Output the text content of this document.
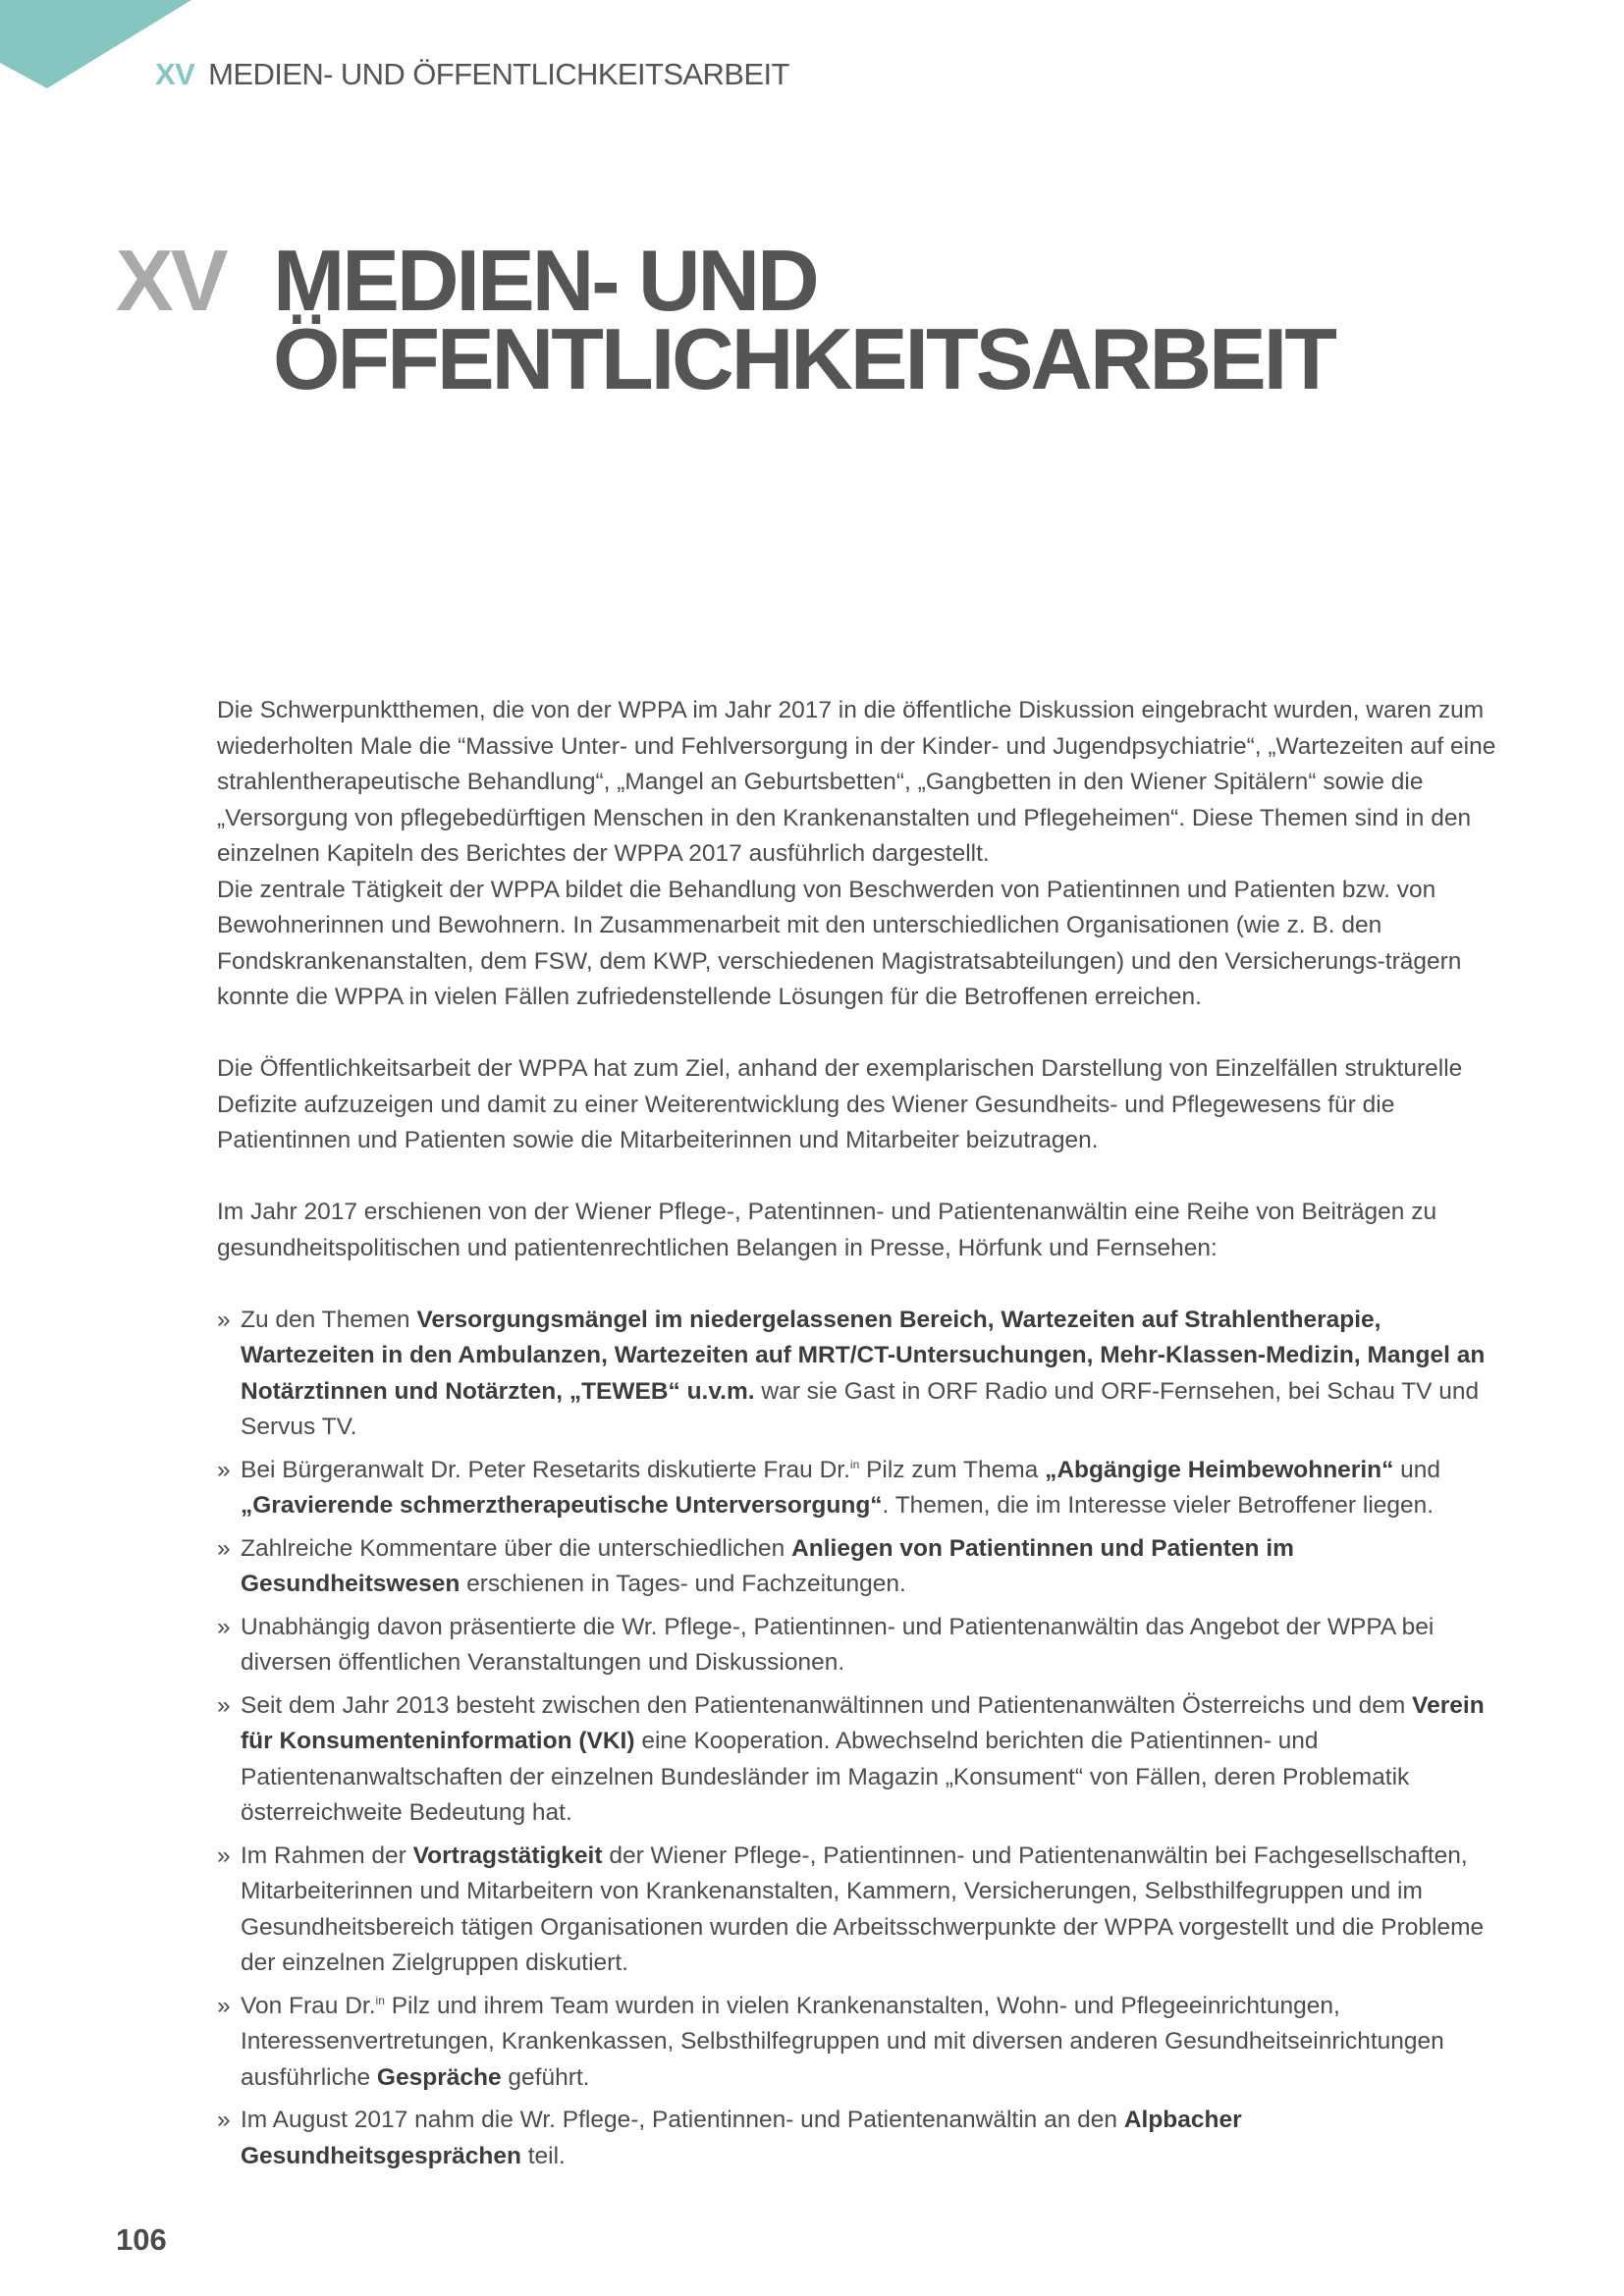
XV MEDIEN- UND ÖFFENTLICHKEITSARBEIT
XV MEDIEN- UND
ÖFFENTLICHKEITSARBEIT

Die Schwerpunktthemen, die von der WPPA im Jahr 2017 in die öffentliche Diskussion eingebracht wurden, waren zum wiederholten Male die “Massive Unter- und Fehlversorgung in der Kinder- und Jugendpsychiatrie“, „Wartezeiten auf eine strahlentherapeutische Behandlung“, „Mangel an Geburtsbetten“, „Gangbetten in den Wiener Spitälern“ sowie die „Versorgung von pflegebedürftigen Menschen in den Krankenanstalten und Pflegeheimen“. Diese Themen sind in den einzelnen Kapiteln des Berichtes der WPPA 2017 ausführlich dargestellt.

Die zentrale Tätigkeit der WPPA bildet die Behandlung von Beschwerden von Patientinnen und Patienten bzw. von Bewohnerinnen und Bewohnern. In Zusammenarbeit mit den unterschiedlichen Organisationen (wie z. B. den Fondskrankenanstalten, dem FSW, dem KWP, verschiedenen Magistratsabteilungen) und den Versicherungs-trägern konnte die WPPA in vielen Fällen zufriedenstellende Lösungen für die Betroffenen erreichen.

Die Öffentlichkeitsarbeit der WPPA hat zum Ziel, anhand der exemplarischen Darstellung von Einzelfällen strukturelle Defizite aufzuzeigen und damit zu einer Weiterentwicklung des Wiener Gesundheits- und Pflegewesens für die Patientinnen und Patienten sowie die Mitarbeiterinnen und Mitarbeiter beizutragen.

Im Jahr 2017 erschienen von der Wiener Pflege-, Patentinnen- und Patientenanwältin eine Reihe von Beiträgen zu gesundheitspolitischen und patientenrechtlichen Belangen in Presse, Hörfunk und Fernsehen:

» Zu den Themen Versorgungsmängel im niedergelassenen Bereich, Wartezeiten auf Strahlentherapie, Wartezeiten in den Ambulanzen, Wartezeiten auf MRT/CT-Untersuchungen, Mehr-Klassen-Medizin, Mangel an Notärztinnen und Notärzten, „TEWEB“ u.v.m. war sie Gast in ORF Radio und ORF-Fernsehen, bei Schau TV und Servus TV.
» Bei Bürgeranwalt Dr. Peter Resetarits diskutierte Frau Dr.$^{in}$ Pilz zum Thema „Abgängige Heimbewohnerin“ und „Gravierende schmerztherapeutische Unterversorgung“. Themen, die im Interesse vieler Betroffener liegen.
» Zahlreiche Kommentare über die unterschiedlichen Anliegen von Patientinnen und Patienten im Gesundheitswesen erschienen in Tages- und Fachzeitungen.
» Unabhängig davon präsentierte die Wr. Pflege-, Patientinnen- und Patientenanwältin das Angebot der WPPA bei diversen öffentlichen Veranstaltungen und Diskussionen.
» Seit dem Jahr 2013 besteht zwischen den Patientenanwältinnen und Patientenanwälten Österreichs und dem Verein für Konsumenteninformation (VKI) eine Kooperation. Abwechselnd berichten die Patientinnen- und Patientenanwaltschaften der einzelnen Bundesländer im Magazin „Konsument“ von Fällen, deren Problematik österreichweite Bedeutung hat.
» Im Rahmen der Vortragstätigkeit der Wiener Pflege-, Patientinnen- und Patientenanwältin bei Fachgesellschaften, Mitarbeiterinnen und Mitarbeitern von Krankenanstalten, Kammern, Versicherungen, Selbsthilfegruppen und im Gesundheitsbereich tätigen Organisationen wurden die Arbeitsschwerpunkte der WPPA vorgestellt und die Probleme der einzelnen Zielgruppen diskutiert.
» Von Frau Dr.$^{in}$ Pilz und ihrem Team wurden in vielen Krankenanstalten, Wohn- und Pflegeeinrichtungen, Interessenvertretungen, Krankenkassen, Selbsthilfegruppen und mit diversen anderen Gesundheitseinrichtungen ausführliche Gespräche geführt.
» Im August 2017 nahm die Wr. Pflege-, Patientinnen- und Patientenanwältin an den Alpbacher Gesundheitsgesprächen teil.
106
